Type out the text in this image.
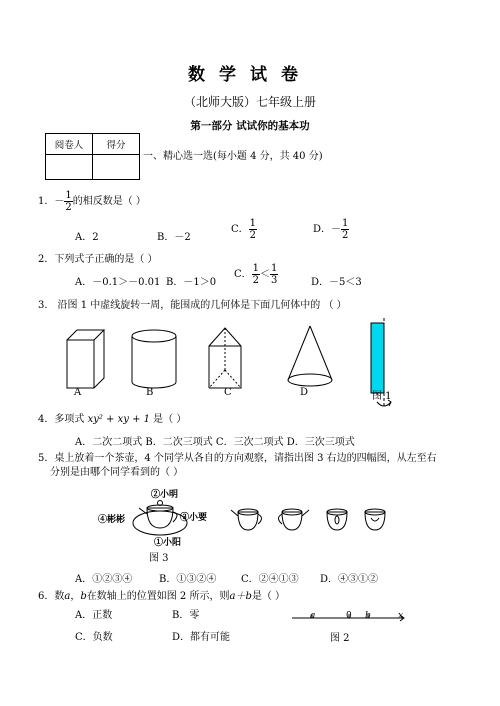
数学试卷
（北师大版）七年级上册
第一部分 试试你的基本功
阅卷人	得分

一、精心选一选(每小题 4 分，共 40 分)
1．－ $\frac{1}{2}$ 的相反数是（ ）
A．2	B．－2
C． $\frac{1}{2}$	D．－ $\frac{1}{2}$
2．下列式子正确的是（ ）
A．－0.1＞－0.01 B．－1＞0
C． $\frac{1}{2} < \frac{1}{3}$	D．－5＜3
3． 沿图 1 中虚线旋转一周，能围成的几何体是下面几何体中的 （ ）
A	B	C	D	图 1
4．多项式 xy² + xy + 1 是（ ）
A．二次二项式 B．二次三项式 C．三次二项式 D．三次三项式
5．桌上放着一个茶壶，4 个同学从各自的方向观察，请指出图 3 右边的四幅图，从左至右
分别是由哪个同学看到的（ ）
②小明
③小要
④彬彬
①小阳
图 3
A．①②③④	B．①③②④ C．②④①③ D．④③①②
6．数a，b在数轴上的位置如图 2 所示，则a＋b是（ ）
A．正数	B．零
C．负数	D．都有可能
a	0 b	x
图 2
